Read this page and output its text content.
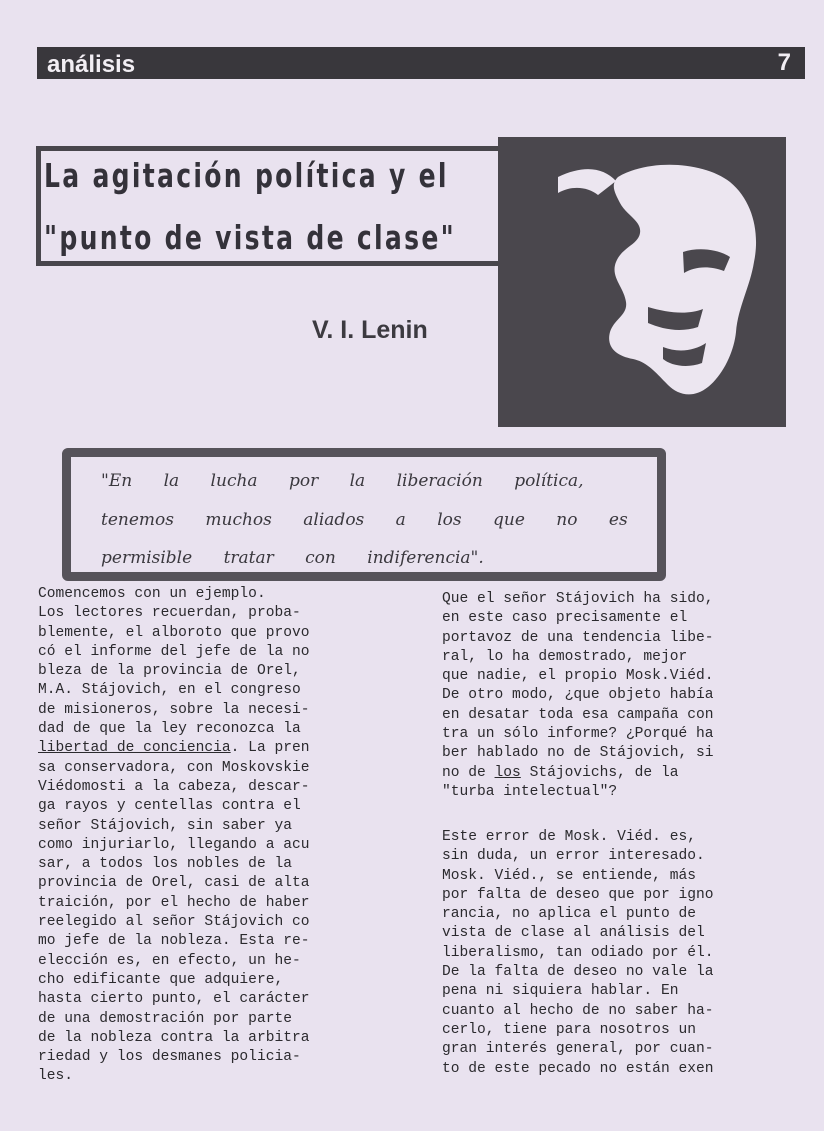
análisis	7
La agitación política y el
"punto de vista de clase"
V. I. Lenin
"En la lucha por la liberación política,
tenemos muchos aliados a los que no es
permisible tratar con indiferencia".
Comencemos con un ejemplo.
Los lectores recuerdan, proba-
blemente, el alboroto que provo
có el informe del jefe de la no
bleza de la provincia de Orel,
M.A. Stájovich, en el congreso
de misioneros, sobre la necesi-
dad de que la ley reconozca la
libertad de conciencia. La pren
sa conservadora, con Moskovskie
Viédomosti a la cabeza, descar-
ga rayos y centellas contra el
señor Stájovich, sin saber ya
como injuriarlo, llegando a acu
sar, a todos los nobles de la
provincia de Orel, casi de alta
traición, por el hecho de haber
reelegido al señor Stájovich co
mo jefe de la nobleza. Esta re-
elección es, en efecto, un he-
cho edificante que adquiere,
hasta cierto punto, el carácter
de una demostración por parte
de la nobleza contra la arbitra
riedad y los desmanes policia-
les.
Que el señor Stájovich ha sido,
en este caso precisamente el
portavoz de una tendencia libe-
ral, lo ha demostrado, mejor
que nadie, el propio Mosk.Viéd.
De otro modo, ¿que objeto había
en desatar toda esa campaña con
tra un sólo informe? ¿Porqué ha
ber hablado no de Stájovich, si
no de los Stájovichs, de la
"turba intelectual"?
Este error de Mosk. Viéd. es,
sin duda, un error interesado.
Mosk. Viéd., se entiende, más
por falta de deseo que por igno
rancia, no aplica el punto de
vista de clase al análisis del
liberalismo, tan odiado por él.
De la falta de deseo no vale la
pena ni siquiera hablar. En
cuanto al hecho de no saber ha-
cerlo, tiene para nosotros un
gran interés general, por cuan-
to de este pecado no están exen
